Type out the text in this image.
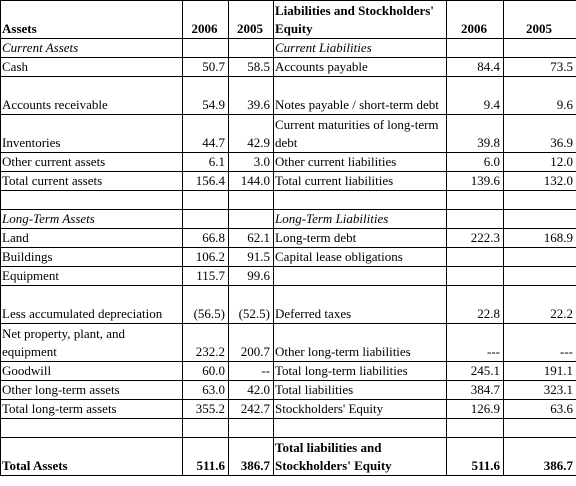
Assets	2006	2005	Liabilities and Stockholders' Equity	2006	2005
Current Assets			Current Liabilities		
Cash	50.7	58.5	Accounts payable	84.4	73.5
Accounts receivable	54.9	39.6	Notes payable / short-term debt	9.4	9.6
Inventories	44.7	42.9	Current maturities of long-term debt	39.8	36.9
Other current assets	6.1	3.0	Other current liabilities	6.0	12.0
Total current assets	156.4	144.0	Total current liabilities	139.6	132.0

Long-Term Assets			Long-Term Liabilities		
Land	66.8	62.1	Long-term debt	222.3	168.9
Buildings	106.2	91.5	Capital lease obligations		
Equipment	115.7	99.6			
Less accumulated depreciation	(56.5)	(52.5)	Deferred taxes	22.8	22.2
Net property, plant, and equipment	232.2	200.7	Other long-term liabilities	---	---
Goodwill	60.0	--	Total long-term liabilities	245.1	191.1
Other long-term assets	63.0	42.0	Total liabilities	384.7	323.1
Total long-term assets	355.2	242.7	Stockholders' Equity	126.9	63.6

Total Assets	511.6	386.7	Total liabilities and Stockholders' Equity	511.6	386.7
